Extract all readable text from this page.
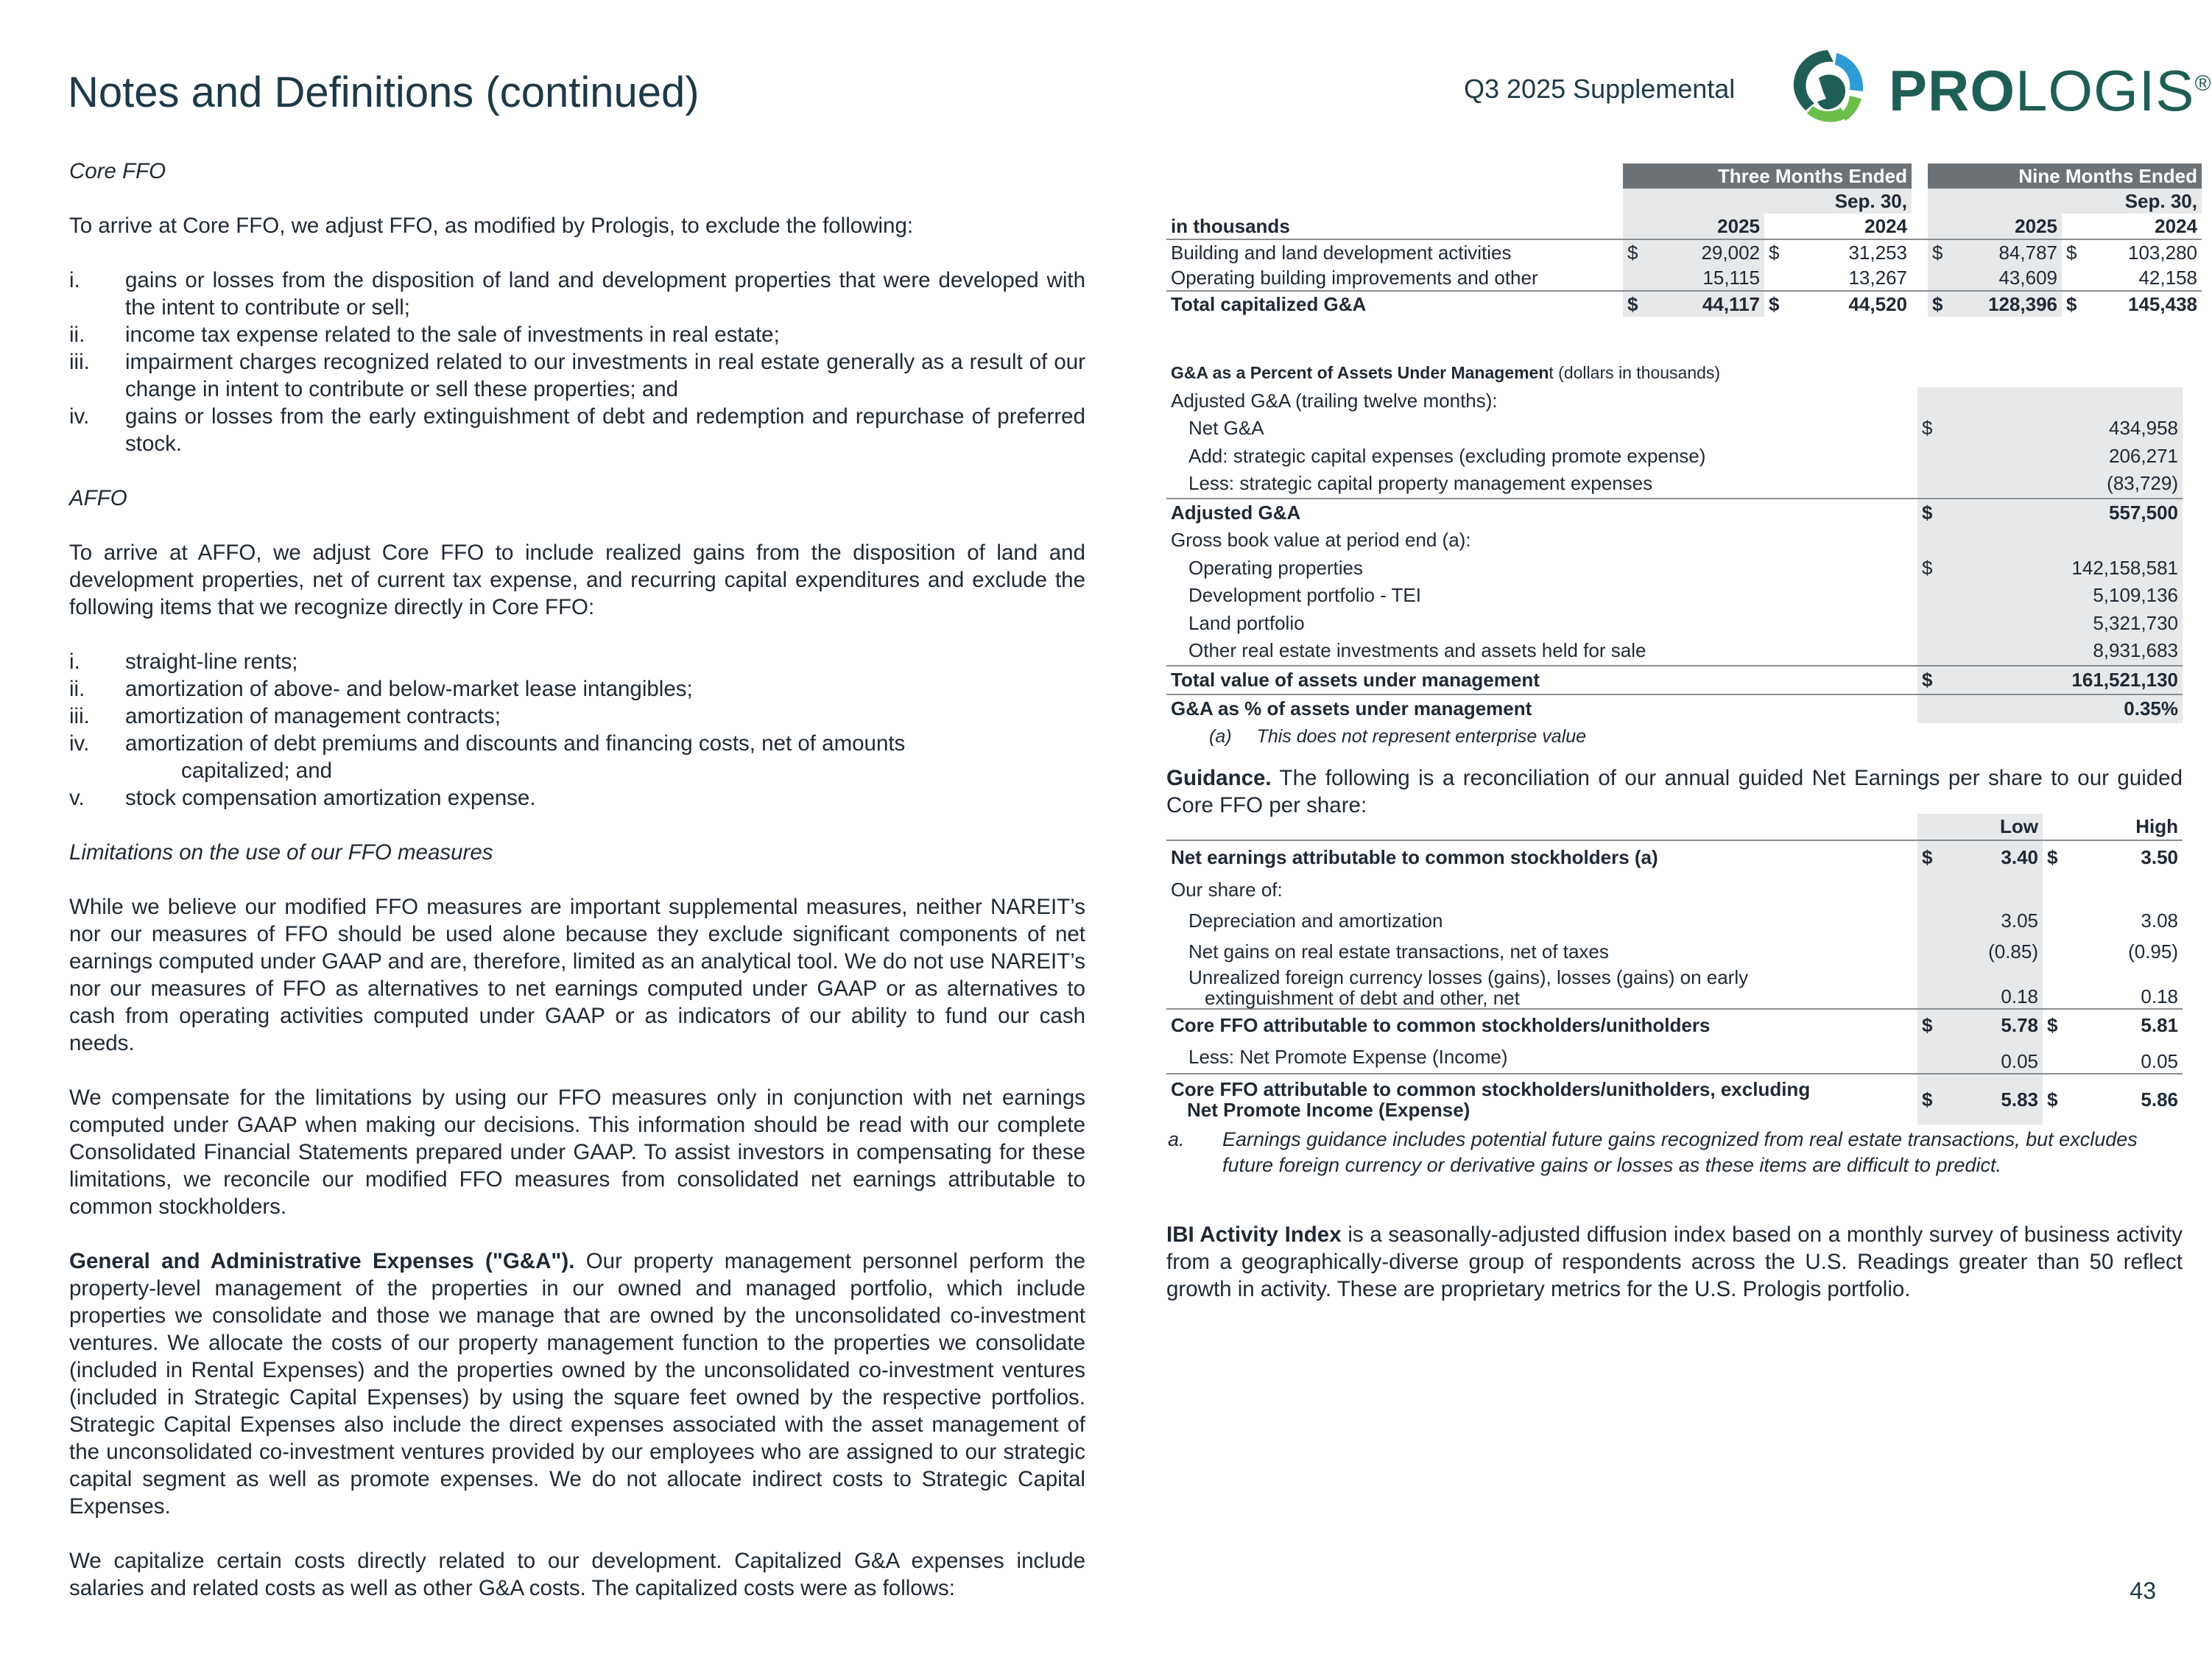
Notes and Definitions (continued)	Q3 2025 Supplemental	PROLOGIS®

Core FFO

To arrive at Core FFO, we adjust FFO, as modified by Prologis, to exclude the following:

i. gains or losses from the disposition of land and development properties that were developed with the intent to contribute or sell;
ii. income tax expense related to the sale of investments in real estate;
iii. impairment charges recognized related to our investments in real estate generally as a result of our change in intent to contribute or sell these properties; and
iv. gains or losses from the early extinguishment of debt and redemption and repurchase of preferred stock.

AFFO

To arrive at AFFO, we adjust Core FFO to include realized gains from the disposition of land and development properties, net of current tax expense, and recurring capital expenditures and exclude the following items that we recognize directly in Core FFO:

i. straight-line rents;
ii. amortization of above- and below-market lease intangibles;
iii. amortization of management contracts;
iv. amortization of debt premiums and discounts and financing costs, net of amounts
capitalized; and
v. stock compensation amortization expense.

Limitations on the use of our FFO measures

While we believe our modified FFO measures are important supplemental measures, neither NAREIT’s nor our measures of FFO should be used alone because they exclude significant components of net earnings computed under GAAP and are, therefore, limited as an analytical tool. We do not use NAREIT’s nor our measures of FFO as alternatives to net earnings computed under GAAP or as alternatives to cash from operating activities computed under GAAP or as indicators of our ability to fund our cash needs.

We compensate for the limitations by using our FFO measures only in conjunction with net earnings computed under GAAP when making our decisions. This information should be read with our complete Consolidated Financial Statements prepared under GAAP. To assist investors in compensating for these limitations, we reconcile our modified FFO measures from consolidated net earnings attributable to common stockholders.

General and Administrative Expenses ("G&A"). Our property management personnel perform the property-level management of the properties in our owned and managed portfolio, which include properties we consolidate and those we manage that are owned by the unconsolidated co-investment ventures. We allocate the costs of our property management function to the properties we consolidate (included in Rental Expenses) and the properties owned by the unconsolidated co-investment ventures (included in Strategic Capital Expenses) by using the square feet owned by the respective portfolios. Strategic Capital Expenses also include the direct expenses associated with the asset management of the unconsolidated co-investment ventures provided by our employees who are assigned to our strategic capital segment as well as promote expenses. We do not allocate indirect costs to Strategic Capital Expenses.

We capitalize certain costs directly related to our development. Capitalized G&A expenses include salaries and related costs as well as other G&A costs. The capitalized costs were as follows:

	Three Months Ended					Nine Months Ended			
	Sep. 30,					Sep. 30,			
in thousands	2025		2024			2025		2024	
Building and land development activities	$	29,002	$	31,253		$	84,787	$	103,280
Operating building improvements and other		15,115		13,267			43,609		42,158
Total capitalized G&A	$	44,117	$	44,520		$	128,396	$	145,438
G&A as a Percent of Assets Under Management (dollars in thousands)		
Adjusted G&A (trailing twelve months):		
Net G&A	$	434,958
Add: strategic capital expenses (excluding promote expense)		206,271
Less: strategic capital property management expenses		(83,729)
Adjusted G&A	$	557,500
Gross book value at period end (a):		
Operating properties	$	142,158,581
Development portfolio - TEI		5,109,136
Land portfolio		5,321,730
Other real estate investments and assets held for sale		8,931,683
Total value of assets under management	$	161,521,130
G&A as % of assets under management		0.35%
(a) This does not represent enterprise value		
Guidance. The following is a reconciliation of our annual guided Net Earnings per share to our guided Core FFO per share:
	Low		High	
Net earnings attributable to common stockholders (a)	$	3.40	$	3.50
Our share of:				
Depreciation and amortization		3.05		3.08
Net gains on real estate transactions, net of taxes		(0.85)		(0.95)
Unrealized foreign currency losses (gains), losses (gains) on early
extinguishment of debt and other, net		0.18		0.18
Core FFO attributable to common stockholders/unitholders	$	5.78	$	5.81
Less: Net Promote Expense (Income)		0.05		0.05
Core FFO attributable to common stockholders/unitholders, excluding
Net Promote Income (Expense)	$	5.83	$	5.86
a.	Earnings guidance includes potential future gains recognized from real estate transactions, but excludes future foreign currency or derivative gains or losses as these items are difficult to predict.
IBI Activity Index is a seasonally-adjusted diffusion index based on a monthly survey of business activity from a geographically-diverse group of respondents across the U.S. Readings greater than 50 reflect growth in activity. These are proprietary metrics for the U.S. Prologis portfolio.
43
